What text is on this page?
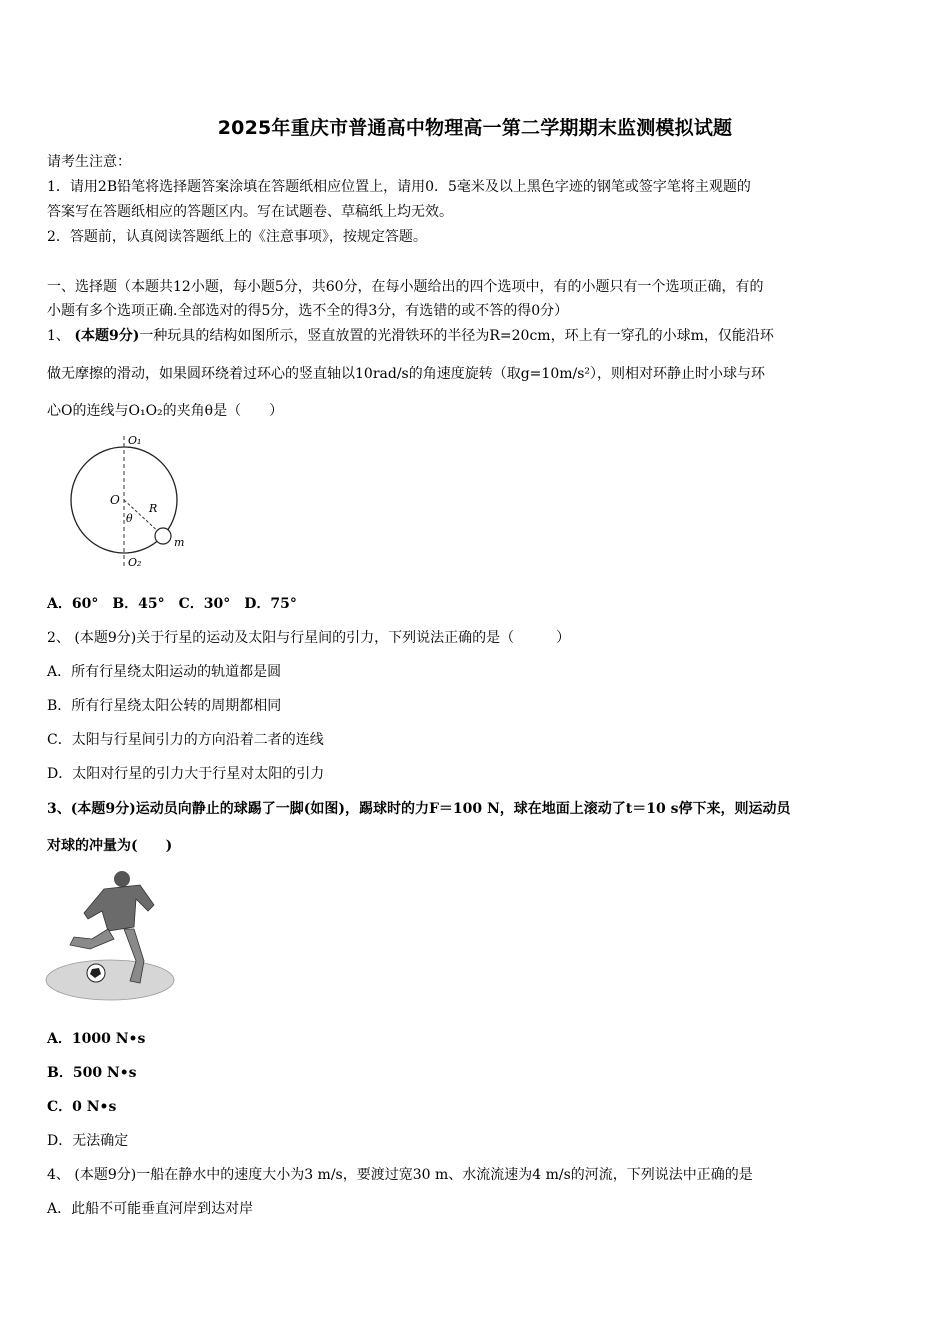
2025年重庆市普通高中物理高一第二学期期末监测模拟试题
请考生注意：
1．请用2B铅笔将选择题答案涂填在答题纸相应位置上，请用0．5毫米及以上黑色字迹的钢笔或签字笔将主观题的
答案写在答题纸相应的答题区内。写在试题卷、草稿纸上均无效。
2．答题前，认真阅读答题纸上的《注意事项》，按规定答题。
一、选择题（本题共12小题，每小题5分，共60分，在每小题给出的四个选项中，有的小题只有一个选项正确，有的
小题有多个选项正确.全部选对的得5分，选不全的得3分，有选错的或不答的得0分）
1、 (本题9分)一种玩具的结构如图所示，竖直放置的光滑铁环的半径为R=20cm，环上有一穿孔的小球m，仅能沿环
做无摩擦的滑动，如果圆环绕着过环心的竖直轴以10rad/s的角速度旋转（取g=10m/s²），则相对环静止时小球与环
心O的连线与O₁O₂的夹角θ是（　　）
O₁
O₂
O
R
θ
m
A．60°　B．45°　C．30°　D．75°
2、 (本题9分)关于行星的运动及太阳与行星间的引力，下列说法正确的是（　　　）
A．所有行星绕太阳运动的轨道都是圆
B．所有行星绕太阳公转的周期都相同
C．太阳与行星间引力的方向沿着二者的连线
D．太阳对行星的引力大于行星对太阳的引力
3、(本题9分)运动员向静止的球踢了一脚(如图)，踢球时的力F＝100 N，球在地面上滚动了t＝10 s停下来，则运动员
对球的冲量为(　　)
A．1000 N•s
B．500 N•s
C．0 N•s
D．无法确定
4、 (本题9分)一船在静水中的速度大小为3 m/s，要渡过宽30 m、水流流速为4 m/s的河流，下列说法中正确的是
A．此船不可能垂直河岸到达对岸
